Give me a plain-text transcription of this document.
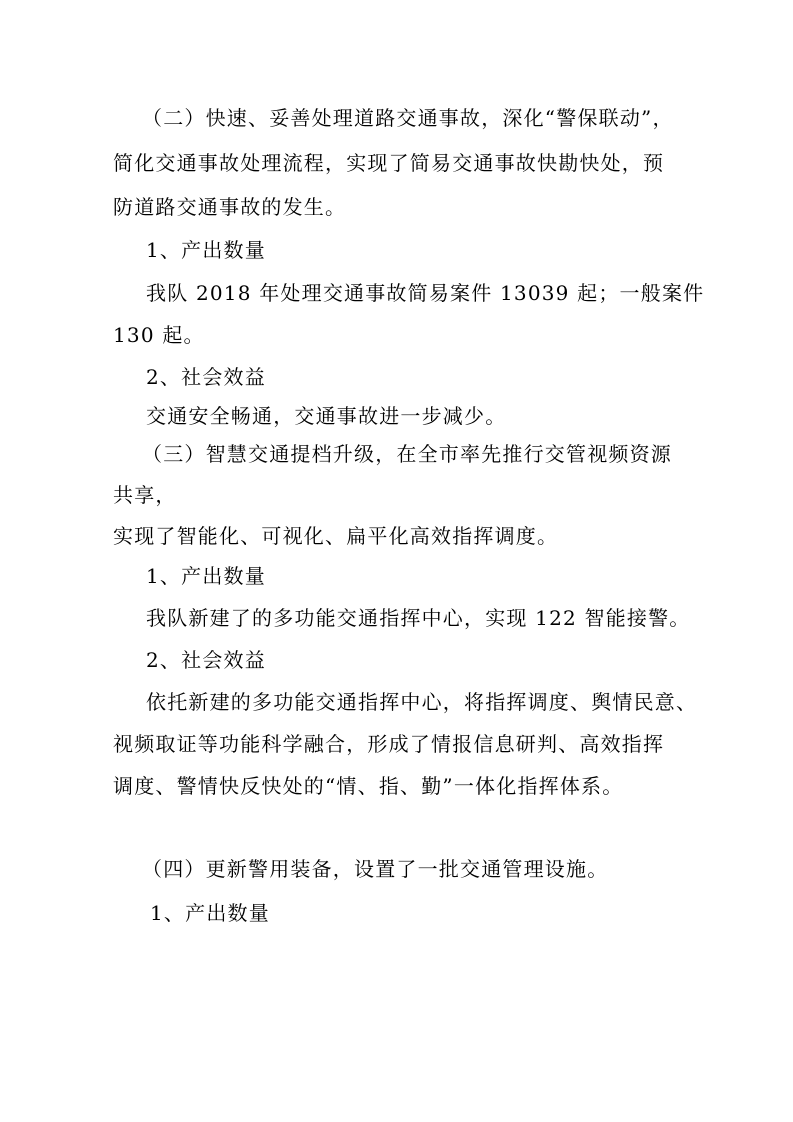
（二）快速、妥善处理道路交通事故，深化“警保联动”，
简化交通事故处理流程，实现了简易交通事故快勘快处，预
防道路交通事故的发生。
1、产出数量
我队 2018 年处理交通事故简易案件 13039 起；一般案件
130 起。
2、社会效益
交通安全畅通，交通事故进一步减少。
（三）智慧交通提档升级，在全市率先推行交管视频资源
共享，
实现了智能化、可视化、扁平化高效指挥调度。
1、产出数量
我队新建了的多功能交通指挥中心，实现 122 智能接警。
2、社会效益
依托新建的多功能交通指挥中心，将指挥调度、舆情民意、
视频取证等功能科学融合，形成了情报信息研判、高效指挥
调度、警情快反快处的“情、指、勤”一体化指挥体系。
（四）更新警用装备，设置了一批交通管理设施。
1、产出数量
